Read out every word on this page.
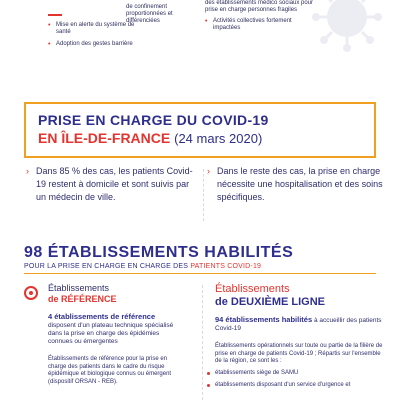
• Mise en alerte du système de santé
• Adoption des gestes barrière
de confinement proportionnées et différenciées
des établissements médico sociaux pour prise en charge personnes fragiles
• Activités collectives fortement impactées
PRISE EN CHARGE DU COVID-19
EN ÎLE-DE-FRANCE (24 mars 2020)
› Dans 85 % des cas, les patients Covid-19 restent à domicile et sont suivis par un médecin de ville.
› Dans le reste des cas, la prise en charge nécessite une hospitalisation et des soins spécifiques.
98 ÉTABLISSEMENTS HABILITÉS
POUR LA PRISE EN CHARGE EN CHARGE DES PATIENTS COVID-19
Établissements
de RÉFÉRENCE
4 établissements de référence disposent d'un plateau technique spécialisé dans la prise en charge des épidémies connues ou émergentes
Établissements de référence pour la prise en charge des patients dans le cadre du risque épidémique et biologique connus ou émergent (dispositif ORSAN - REB).
Établissements
de DEUXIÈME LIGNE
94 établissements habilités à accueillir des patients Covid-19
Établissements opérationnels sur toute ou partie de la filière de prise en charge de patients Covid-19 ; Répartis sur l'ensemble de la région, ce sont les :
établissements siège de SAMU
établissements disposant d'un service d'urgence et
